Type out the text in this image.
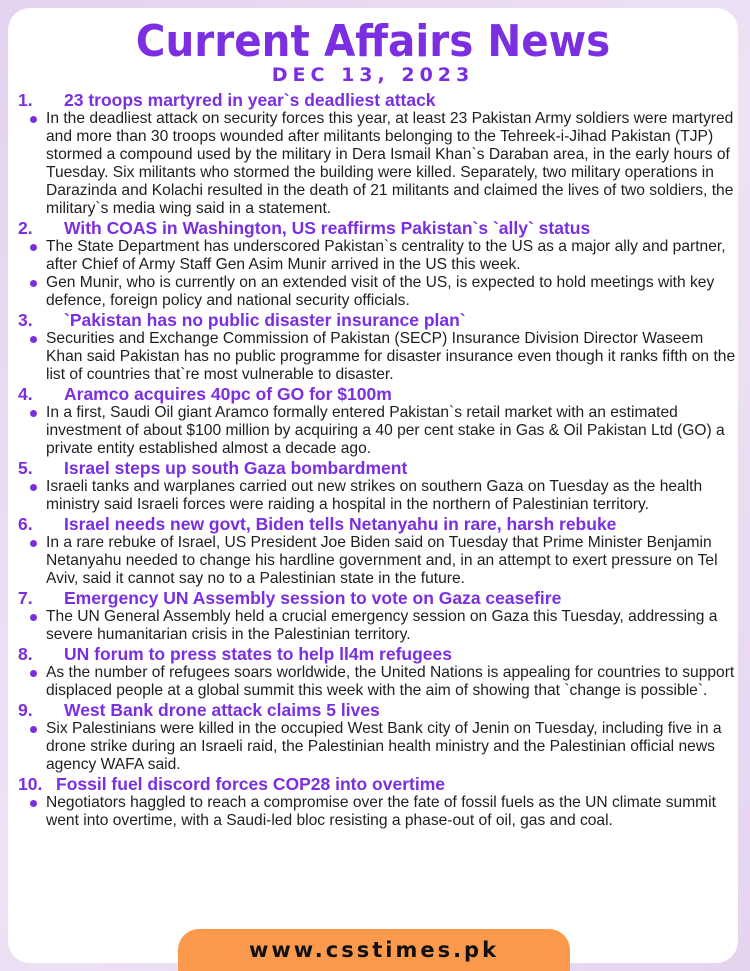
Current Affairs News
DEC 13, 2023
1.	23 troops martyred in year`s deadliest attack
In the deadliest attack on security forces this year, at least 23 Pakistan Army soldiers were martyred and more than 30 troops wounded after militants belonging to the Tehreek-i-Jihad Pakistan (TJP) stormed a compound used by the military in Dera Ismail Khan`s Daraban area, in the early hours of Tuesday. Six militants who stormed the building were killed. Separately, two military operations in Darazinda and Kolachi resulted in the death of 21 militants and claimed the lives of two soldiers, the military`s media wing said in a statement.
2.	With COAS in Washington, US reaffirms Pakistan`s `ally` status
The State Department has underscored Pakistan`s centrality to the US as a major ally and partner, after Chief of Army Staff Gen Asim Munir arrived in the US this week.
Gen Munir, who is currently on an extended visit of the US, is expected to hold meetings with key defence, foreign policy and national security officials.
3.	`Pakistan has no public disaster insurance plan`
Securities and Exchange Commission of Pakistan (SECP) Insurance Division Director Waseem Khan said Pakistan has no public programme for disaster insurance even though it ranks fifth on the list of countries that`re most vulnerable to disaster.
4.	Aramco acquires 40pc of GO for $100m
In a first, Saudi Oil giant Aramco formally entered Pakistan`s retail market with an estimated investment of about $100 million by acquiring a 40 per cent stake in Gas & Oil Pakistan Ltd (GO) a private entity established almost a decade ago.
5.	Israel steps up south Gaza bombardment
Israeli tanks and warplanes carried out new strikes on southern Gaza on Tuesday as the health ministry said Israeli forces were raiding a hospital in the northern of Palestinian territory.
6.	Israel needs new govt, Biden tells Netanyahu in rare, harsh rebuke
In a rare rebuke of Israel, US President Joe Biden said on Tuesday that Prime Minister Benjamin Netanyahu needed to change his hardline government and, in an attempt to exert pressure on Tel Aviv, said it cannot say no to a Palestinian state in the future.
7.	Emergency UN Assembly session to vote on Gaza ceasefire
The UN General Assembly held a crucial emergency session on Gaza this Tuesday, addressing a severe humanitarian crisis in the Palestinian territory.
8.	UN forum to press states to help ll4m refugees
As the number of refugees soars worldwide, the United Nations is appealing for countries to support displaced people at a global summit this week with the aim of showing that `change is possible`.
9.	West Bank drone attack claims 5 lives
Six Palestinians were killed in the occupied West Bank city of Jenin on Tuesday, including five in a drone strike during an Israeli raid, the Palestinian health ministry and the Palestinian official news agency WAFA said.
10. Fossil fuel discord forces COP28 into overtime
Negotiators haggled to reach a compromise over the fate of fossil fuels as the UN climate summit went into overtime, with a Saudi-led bloc resisting a phase-out of oil, gas and coal.
www.csstimes.pk
